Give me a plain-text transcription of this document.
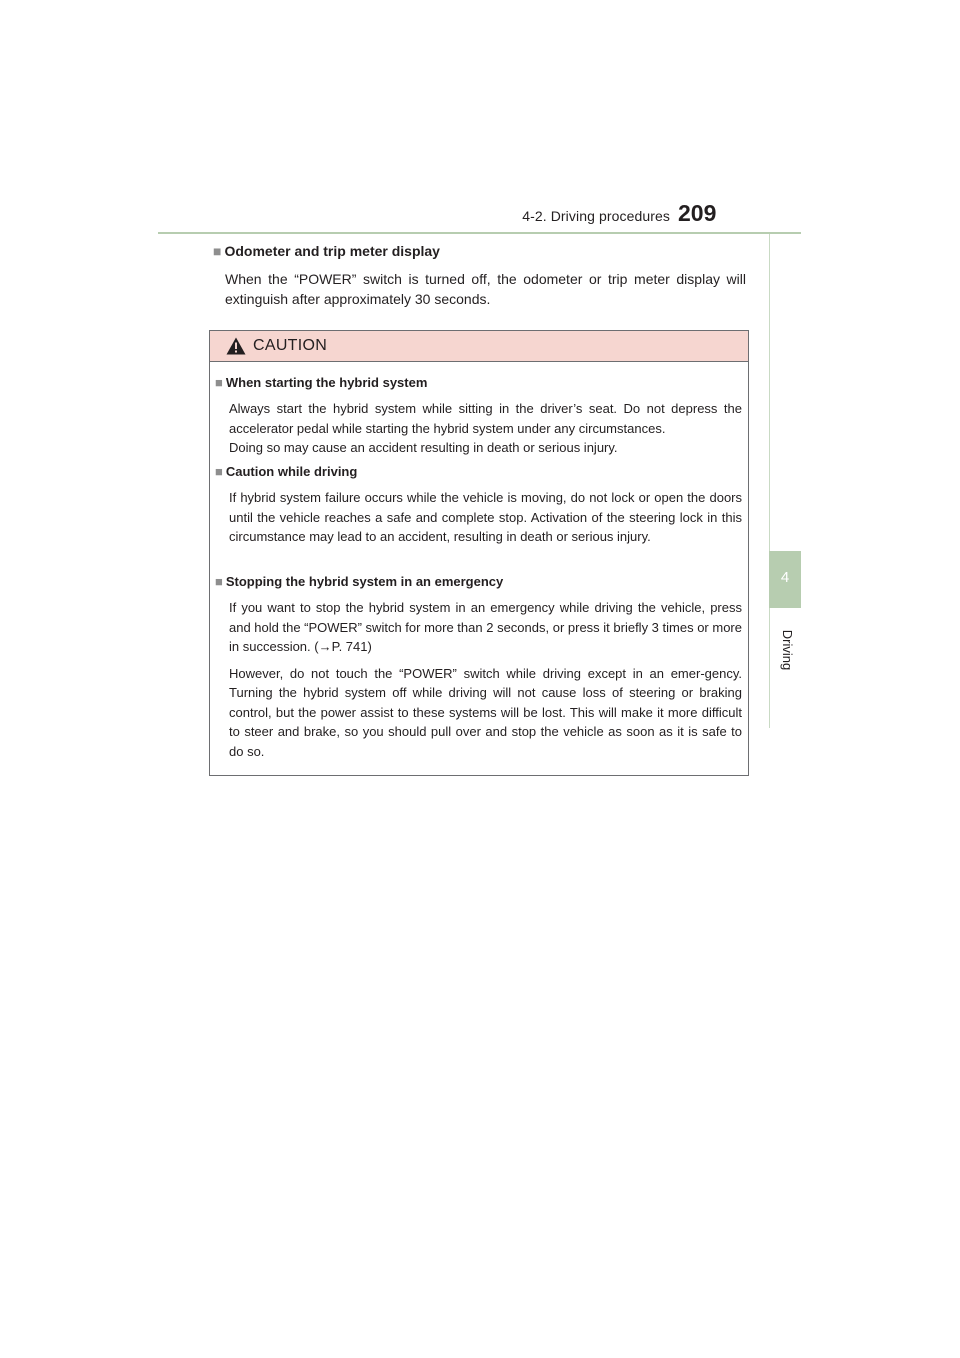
4-2. Driving procedures 209
4
Driving
■ Odometer and trip meter display
When the “POWER” switch is turned off, the odometer or trip meter display will extinguish after approximately 30 seconds.
CAUTION
■ When starting the hybrid system

Always start the hybrid system while sitting in the driver’s seat. Do not depress the accelerator pedal while starting the hybrid system under any circumstances.

Doing so may cause an accident resulting in death or serious injury.

■ Caution while driving

If hybrid system failure occurs while the vehicle is moving, do not lock or open the doors until the vehicle reaches a safe and complete stop. Activation of the steering lock in this circumstance may lead to an accident, resulting in death or serious injury.

■ Stopping the hybrid system in an emergency

If you want to stop the hybrid system in an emergency while driving the vehicle, press and hold the “POWER” switch for more than 2 seconds, or press it briefly 3 times or more in succession. (→P. 741)

However, do not touch the “POWER” switch while driving except in an emer-gency. Turning the hybrid system off while driving will not cause loss of steering or braking control, but the power assist to these systems will be lost. This will make it more difficult to steer and brake, so you should pull over and stop the vehicle as soon as it is safe to do so.
